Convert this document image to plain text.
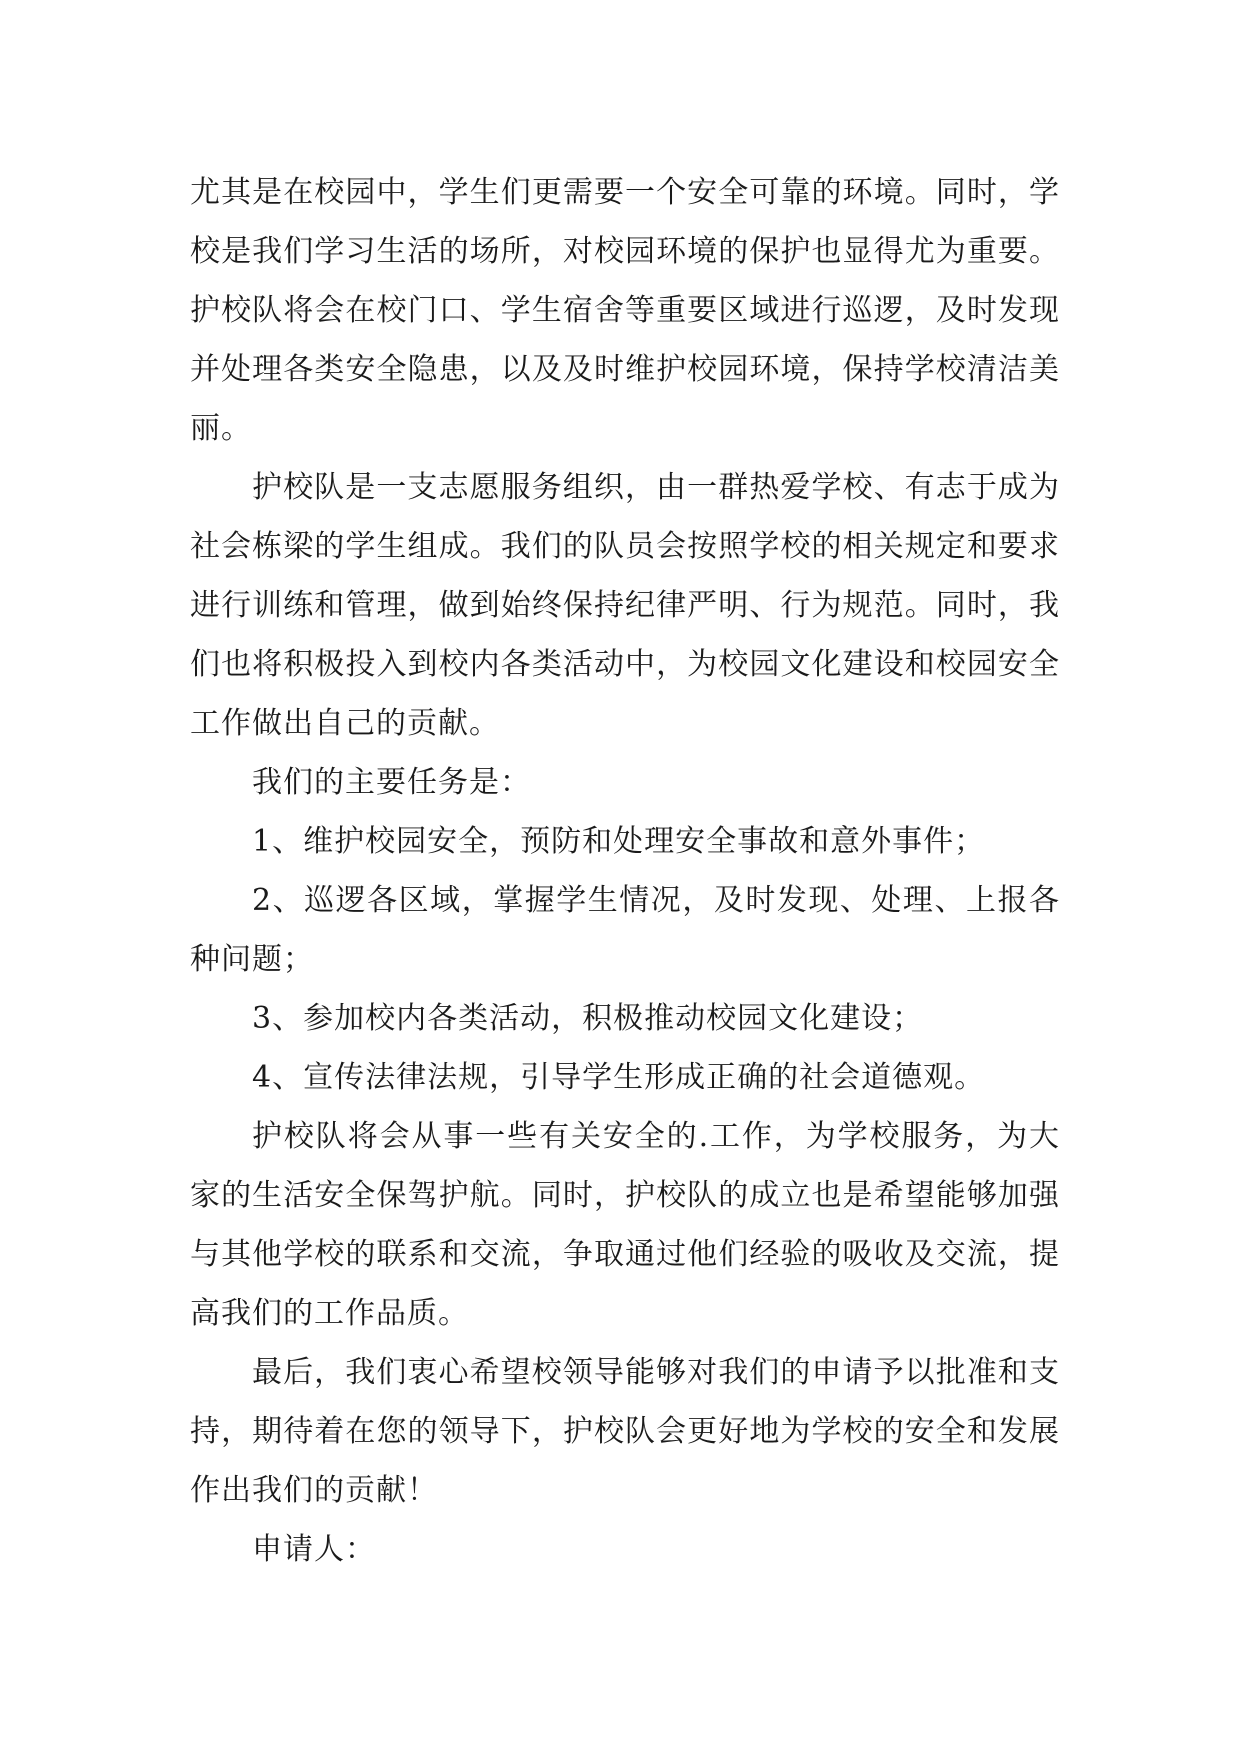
尤其是在校园中，学生们更需要一个安全可靠的环境。同时，学校是我们学习生活的场所，对校园环境的保护也显得尤为重要。护校队将会在校门口、学生宿舍等重要区域进行巡逻，及时发现并处理各类安全隐患，以及及时维护校园环境，保持学校清洁美丽。

护校队是一支志愿服务组织，由一群热爱学校、有志于成为社会栋梁的学生组成。我们的队员会按照学校的相关规定和要求进行训练和管理，做到始终保持纪律严明、行为规范。同时，我们也将积极投入到校内各类活动中，为校园文化建设和校园安全工作做出自己的贡献。

我们的主要任务是：

1、维护校园安全，预防和处理安全事故和意外事件；

2、巡逻各区域，掌握学生情况，及时发现、处理、上报各种问题；

3、参加校内各类活动，积极推动校园文化建设；

4、宣传法律法规，引导学生形成正确的社会道德观。

护校队将会从事一些有关安全的.工作，为学校服务，为大家的生活安全保驾护航。同时，护校队的成立也是希望能够加强与其他学校的联系和交流，争取通过他们经验的吸收及交流，提高我们的工作品质。

最后，我们衷心希望校领导能够对我们的申请予以批准和支持，期待着在您的领导下，护校队会更好地为学校的安全和发展作出我们的贡献！

申请人：
